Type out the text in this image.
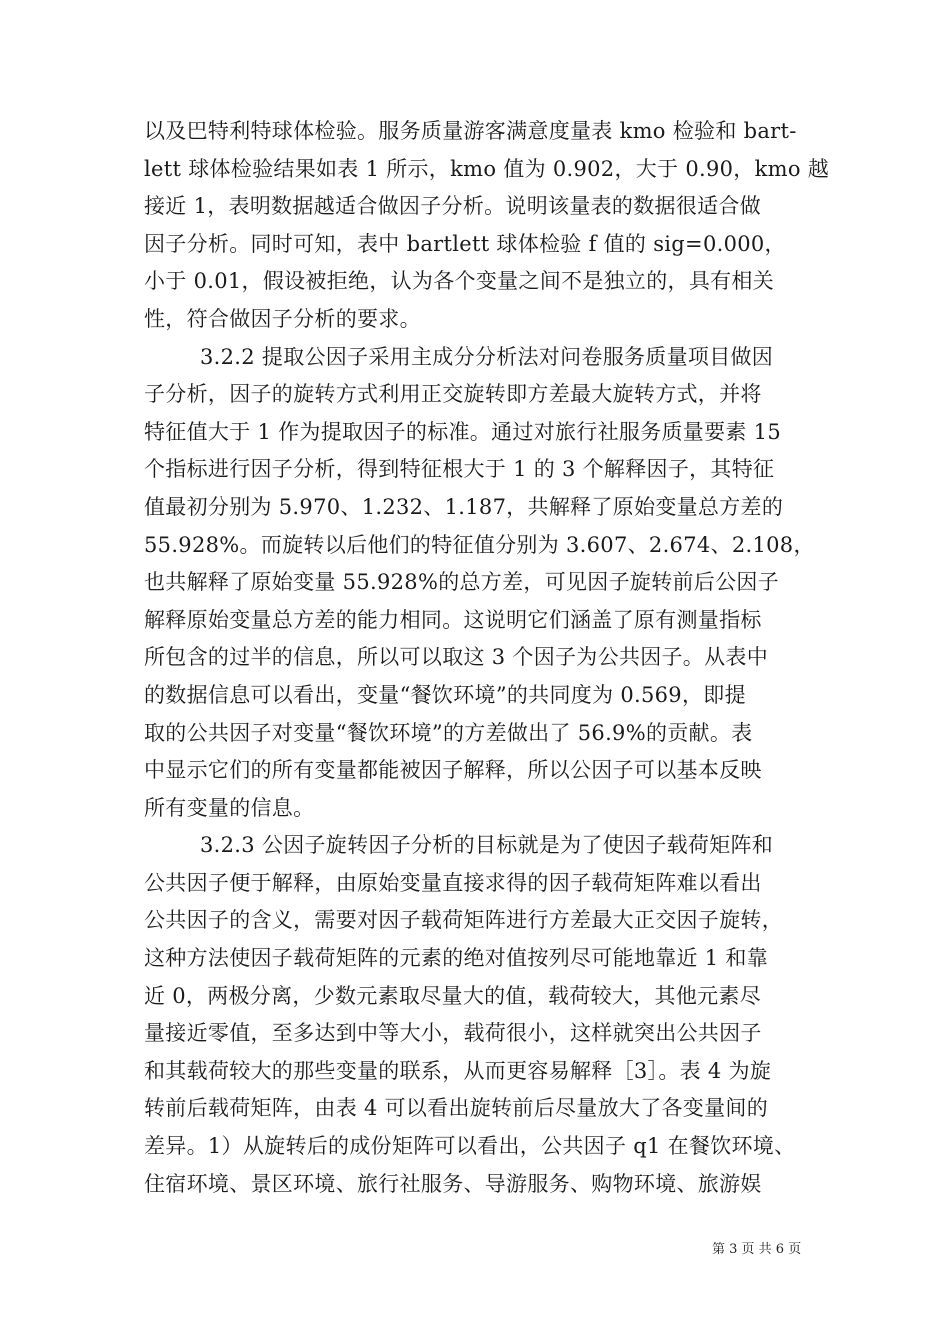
以及巴特利特球体检验。服务质量游客满意度量表 kmo 检验和 bart-
lett 球体检验结果如表 1 所示，kmo 值为 0.902，大于 0.90，kmo 越
接近 1，表明数据越适合做因子分析。说明该量表的数据很适合做
因子分析。同时可知，表中 bartlett 球体检验 f 值的 sig=0.000，
小于 0.01，假设被拒绝，认为各个变量之间不是独立的，具有相关
性，符合做因子分析的要求。
3.2.2 提取公因子采用主成分分析法对问卷服务质量项目做因
子分析，因子的旋转方式利用正交旋转即方差最大旋转方式，并将
特征值大于 1 作为提取因子的标准。通过对旅行社服务质量要素 15
个指标进行因子分析，得到特征根大于 1 的 3 个解释因子，其特征
值最初分别为 5.970、1.232、1.187，共解释了原始变量总方差的
55.928%。而旋转以后他们的特征值分别为 3.607、2.674、2.108，
也共解释了原始变量 55.928%的总方差，可见因子旋转前后公因子
解释原始变量总方差的能力相同。这说明它们涵盖了原有测量指标
所包含的过半的信息，所以可以取这 3 个因子为公共因子。从表中
的数据信息可以看出，变量“餐饮环境”的共同度为 0.569，即提
取的公共因子对变量“餐饮环境”的方差做出了 56.9%的贡献。表
中显示它们的所有变量都能被因子解释，所以公因子可以基本反映
所有变量的信息。
3.2.3 公因子旋转因子分析的目标就是为了使因子载荷矩阵和
公共因子便于解释，由原始变量直接求得的因子载荷矩阵难以看出
公共因子的含义，需要对因子载荷矩阵进行方差最大正交因子旋转，
这种方法使因子载荷矩阵的元素的绝对值按列尽可能地靠近 1 和靠
近 0，两极分离，少数元素取尽量大的值，载荷较大，其他元素尽
量接近零值，至多达到中等大小，载荷很小，这样就突出公共因子
和其载荷较大的那些变量的联系，从而更容易解释［3］。表 4 为旋
转前后载荷矩阵，由表 4 可以看出旋转前后尽量放大了各变量间的
差异。1）从旋转后的成份矩阵可以看出，公共因子 q1 在餐饮环境、
住宿环境、景区环境、旅行社服务、导游服务、购物环境、旅游娱
第 3 页 共 6 页
